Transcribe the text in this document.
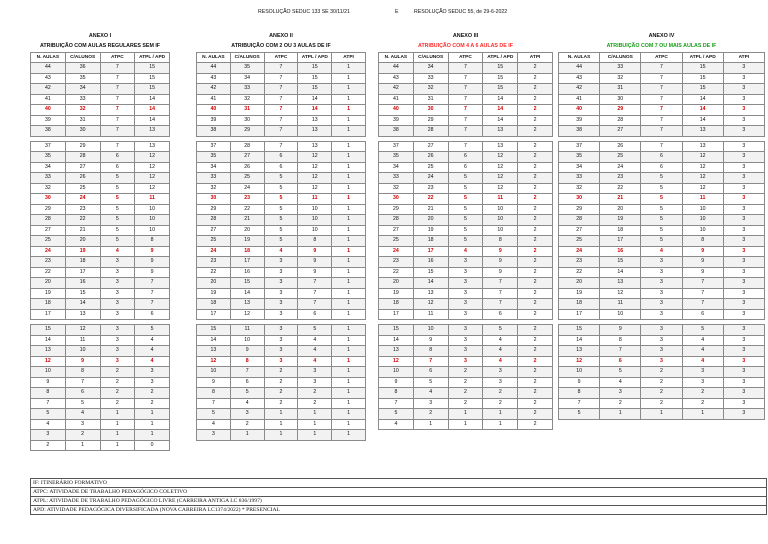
RESOLUÇÃO SEDUC 133 SE 30/11/21	E	RESOLUÇÃO SEDUC 55, de 29-6-2022
ANEXO I	ANEXO II	ANEXO III	ANEXO IV
ATRIBUIÇÃO COM AULAS REGULARES SEM IF	ATRIBUIÇÃO COM 2 OU 3 AULAS DE IF	ATRIBUIÇÃO COM 4 A 6 AULAS DE IF	ATRIBUIÇÃO COM 7 OU MAIS AULAS DE IF
N. AULAS	C/ALUNOS	ATPC	ATPL / APD
44	36	7	15
43	35	7	15
42	34	7	15
41	33	7	14
40	32	7	14
39	31	7	14
38	30	7	13

37	29	7	13
35	28	6	12
34	27	6	12
33	26	5	12
32	25	5	12
30	24	5	11
29	23	5	10
28	22	5	10
27	21	5	10
25	20	5	8
24	19	4	9
23	18	3	9
22	17	3	9
20	16	3	7
19	15	3	7
18	14	3	7
17	13	3	6

15	12	3	5
14	11	3	4
13	10	3	4
12	9	3	4
10	8	2	3
9	7	2	3
8	6	2	2
7	5	2	2
5	4	1	1
4	3	1	1
3	2	1	1
2	1	1	0
N. AULAS	C/ALUNOS	ATPC	ATPL / APD	ATPI
44	35	7	15	1
43	34	7	15	1
42	33	7	15	1
41	32	7	14	1
40	31	7	14	1
39	30	7	13	1
38	29	7	13	1

37	28	7	13	1
35	27	6	12	1
34	26	6	12	1
33	25	5	12	1
32	24	5	12	1
30	23	5	11	1
29	22	5	10	1
28	21	5	10	1
27	20	5	10	1
25	19	5	8	1
24	18	4	9	1
23	17	3	9	1
22	16	3	9	1
20	15	3	7	1
19	14	3	7	1
18	13	3	7	1
17	12	3	6	1

15	11	3	5	1
14	10	3	4	1
13	9	3	4	1
12	8	3	4	1
10	7	2	3	1
9	6	2	3	1
8	5	2	2	1
7	4	2	2	1
5	3	1	1	1
4	2	1	1	1
3	1	1	1	1
N. AULAS	C/ALUNOS	ATPC	ATPL / APD	ATPI
44	34	7	15	2
43	33	7	15	2
42	32	7	15	2
41	31	7	14	2
40	30	7	14	2
39	29	7	14	2
38	28	7	13	2

37	27	7	13	2
35	26	6	12	2
34	25	6	12	2
33	24	5	12	2
32	23	5	12	2
30	22	5	11	2
29	21	5	10	2
28	20	5	10	2
27	19	5	10	2
25	18	5	8	2
24	17	4	9	2
23	16	3	9	2
22	15	3	9	2
20	14	3	7	2
19	13	3	7	2
18	12	3	7	2
17	11	3	6	2

15	10	3	5	2
14	9	3	4	2
13	8	3	4	2
12	7	3	4	2
10	6	2	3	2
9	5	2	3	2
8	4	2	2	2
7	3	2	2	2
5	2	1	1	2
4	1	1	1	2
N. AULAS	C/ALUNOS	ATPC	ATPL / APD	ATPI
44	33	7	15	3
43	32	7	15	3
42	31	7	15	3
41	30	7	14	3
40	29	7	14	3
39	28	7	14	3
38	27	7	13	3

37	26	7	13	3
35	25	6	12	3
34	24	6	12	3
33	23	5	12	3
32	22	5	12	3
30	21	5	11	3
29	20	5	10	3
28	19	5	10	3
27	18	5	10	3
25	17	5	8	3
24	16	4	9	3
23	15	3	9	3
22	14	3	9	3
20	13	3	7	3
19	12	3	7	3
18	11	3	7	3
17	10	3	6	3

15	9	3	5	3
14	8	3	4	3
13	7	3	4	3
12	6	3	4	3
10	5	2	3	3
9	4	2	3	3
8	3	2	2	3
7	2	2	2	3
5	1	1	1	3
IF: ITINERÁRIO FORMATIVO
ATPC: ATIVIDADE DE TRABALHO PEDAGÓGICO COLETIVO
ATPL: ATIVIDADE DE TRABALHO PEDAGÓGICO LIVRE (CARREIRA ANTIGA LC 836/1997)
APD: ATIVIDADE PEDAGÓGICA DIVERSIFICADA (NOVA CARREIRA LC1374/2022) * PRESENCIAL
